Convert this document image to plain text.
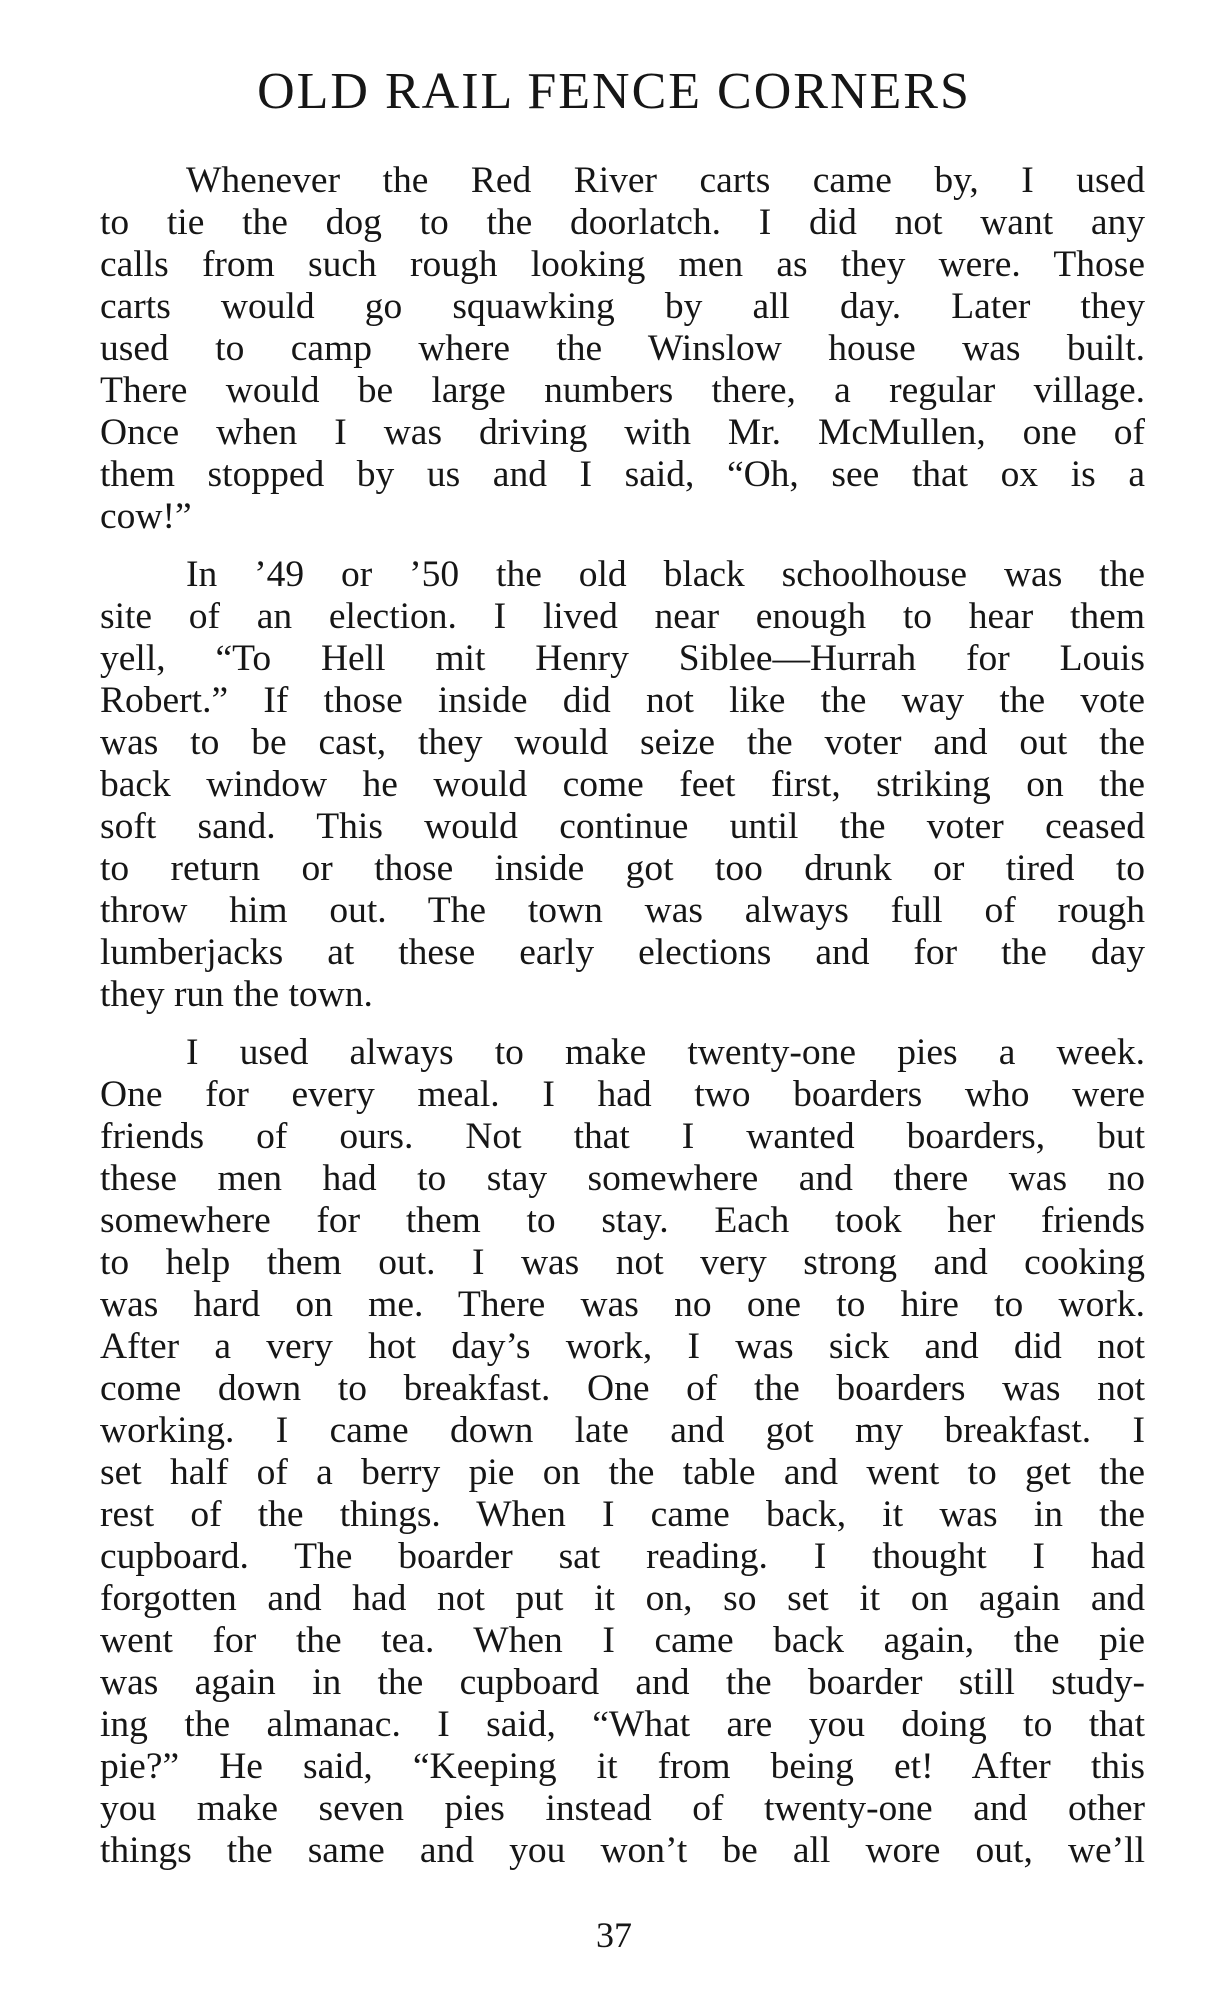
OLD RAIL FENCE CORNERS
Whenever the Red River carts came by, I used
to tie the dog to the doorlatch. I did not want any
calls from such rough looking men as they were. Those
carts would go squawking by all day. Later they
used to camp where the Winslow house was built.
There would be large numbers there, a regular village.
Once when I was driving with Mr. McMullen, one of
them stopped by us and I said, “Oh, see that ox is a
cow!”
In ’49 or ’50 the old black schoolhouse was the
site of an election. I lived near enough to hear them
yell, “To Hell mit Henry Siblee—Hurrah for Louis
Robert.” If those inside did not like the way the vote
was to be cast, they would seize the voter and out the
back window he would come feet first, striking on the
soft sand. This would continue until the voter ceased
to return or those inside got too drunk or tired to
throw him out. The town was always full of rough
lumberjacks at these early elections and for the day
they run the town.
I used always to make twenty-one pies a week.
One for every meal. I had two boarders who were
friends of ours. Not that I wanted boarders, but
these men had to stay somewhere and there was no
somewhere for them to stay. Each took her friends
to help them out. I was not very strong and cooking
was hard on me. There was no one to hire to work.
After a very hot day’s work, I was sick and did not
come down to breakfast. One of the boarders was not
working. I came down late and got my breakfast. I
set half of a berry pie on the table and went to get the
rest of the things. When I came back, it was in the
cupboard. The boarder sat reading. I thought I had
forgotten and had not put it on, so set it on again and
went for the tea. When I came back again, the pie
was again in the cupboard and the boarder still study-
ing the almanac. I said, “What are you doing to that
pie?” He said, “Keeping it from being et! After this
you make seven pies instead of twenty-one and other
things the same and you won’t be all wore out, we’ll
37
